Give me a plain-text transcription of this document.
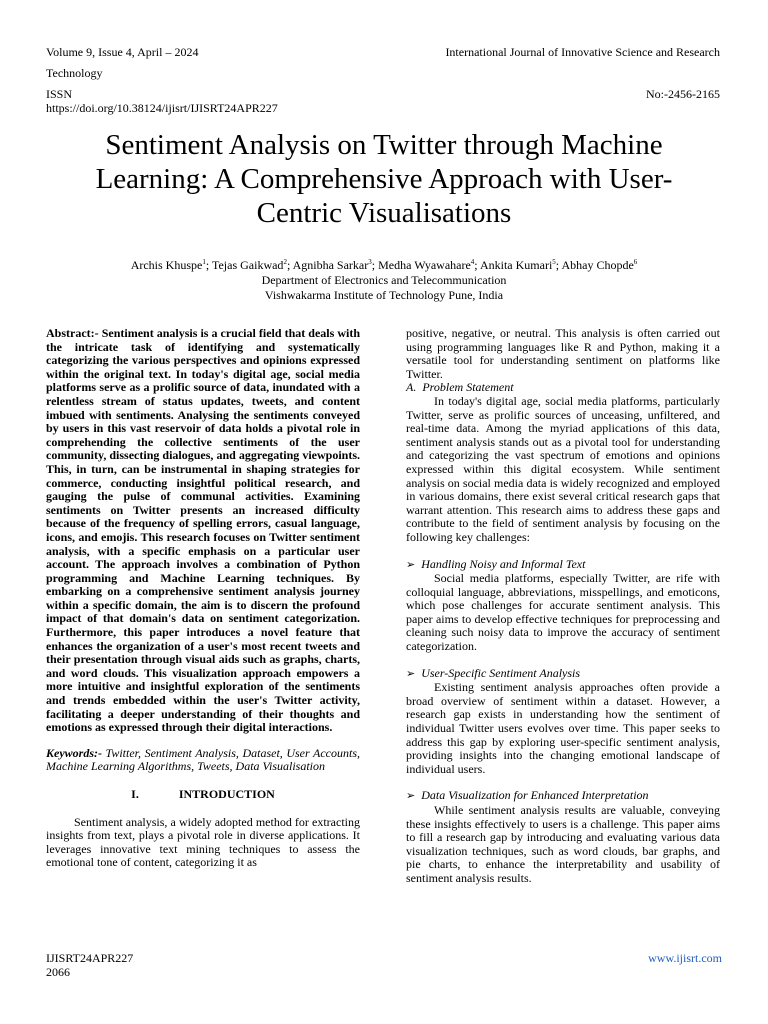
Volume 9, Issue 4, April – 2024	International Journal of Innovative Science and Research
Technology
ISSN	No:-2456-2165
https://doi.org/10.38124/ijisrt/IJISRT24APR227
Sentiment Analysis on Twitter through Machine Learning: A Comprehensive Approach with User-Centric Visualisations
Archis Khuspe$^1$; Tejas Gaikwad$^2$; Agnibha Sarkar$^3$; Medha Wyawahare$^4$; Ankita Kumari$^5$; Abhay Chopde$^6$
Department of Electronics and Telecommunication
Vishwakarma Institute of Technology Pune, India

Abstract:- Sentiment analysis is a crucial field that deals with the intricate task of identifying and systematically categorizing the various perspectives and opinions expressed within the original text. In today's digital age, social media platforms serve as a prolific source of data, inundated with a relentless stream of status updates, tweets, and content imbued with sentiments. Analysing the sentiments conveyed by users in this vast reservoir of data holds a pivotal role in comprehending the collective sentiments of the user community, dissecting dialogues, and aggregating viewpoints. This, in turn, can be instrumental in shaping strategies for commerce, conducting insightful political research, and gauging the pulse of communal activities. Examining sentiments on Twitter presents an increased difficulty because of the frequency of spelling errors, casual language, icons, and emojis. This research focuses on Twitter sentiment analysis, with a specific emphasis on a particular user account. The approach involves a combination of Python programming and Machine Learning techniques. By embarking on a comprehensive sentiment analysis journey within a specific domain, the aim is to discern the profound impact of that domain's data on sentiment categorization. Furthermore, this paper introduces a novel feature that enhances the organization of a user's most recent tweets and their presentation through visual aids such as graphs, charts, and word clouds. This visualization approach empowers a more intuitive and insightful exploration of the sentiments and trends embedded within the user's Twitter activity, facilitating a deeper understanding of their thoughts and emotions as expressed through their digital interactions.

Keywords:- Twitter, Sentiment Analysis, Dataset, User Accounts, Machine Learning Algorithms, Tweets, Data Visualisation

I.	INTRODUCTION

Sentiment analysis, a widely adopted method for extracting insights from text, plays a pivotal role in diverse applications. It leverages innovative text mining techniques to assess the emotional tone of content, categorizing it as

positive, negative, or neutral. This analysis is often carried out using programming languages like R and Python, making it a versatile tool for understanding sentiment on platforms like Twitter.

A. Problem Statement

In today's digital age, social media platforms, particularly Twitter, serve as prolific sources of unceasing, unfiltered, and real-time data. Among the myriad applications of this data, sentiment analysis stands out as a pivotal tool for understanding and categorizing the vast spectrum of emotions and opinions expressed within this digital ecosystem. While sentiment analysis on social media data is widely recognized and employed in various domains, there exist several critical research gaps that warrant attention. This research aims to address these gaps and contribute to the field of sentiment analysis by focusing on the following key challenges:

➢ Handling Noisy and Informal Text

Social media platforms, especially Twitter, are rife with colloquial language, abbreviations, misspellings, and emoticons, which pose challenges for accurate sentiment analysis. This paper aims to develop effective techniques for preprocessing and cleaning such noisy data to improve the accuracy of sentiment categorization.

➢ User-Specific Sentiment Analysis

Existing sentiment analysis approaches often provide a broad overview of sentiment within a dataset. However, a research gap exists in understanding how the sentiment of individual Twitter users evolves over time. This paper seeks to address this gap by exploring user-specific sentiment analysis, providing insights into the changing emotional landscape of individual users.

➢ Data Visualization for Enhanced Interpretation

While sentiment analysis results are valuable, conveying these insights effectively to users is a challenge. This paper aims to fill a research gap by introducing and evaluating various data visualization techniques, such as word clouds, bar graphs, and pie charts, to enhance the interpretability and usability of sentiment analysis results.

IJISRT24APR227
2066
www.ijisrt.com
